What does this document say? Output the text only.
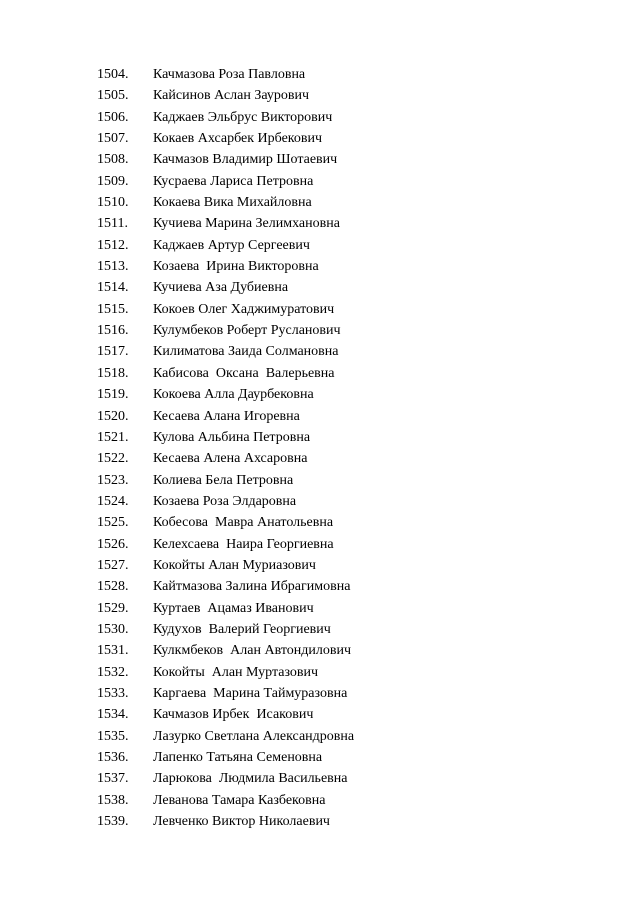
1504.	Качмазова Роза Павловна
1505.	Кайсинов Аслан Заурович
1506.	Каджаев Эльбрус Викторович
1507.	Кокаев Ахсарбек Ирбекович
1508.	Качмазов Владимир Шотаевич
1509.	Кусраева Лариса Петровна
1510.	Кокаева Вика Михайловна
1511.	Кучиева Марина Зелимхановна
1512.	Каджаев Артур Сергеевич
1513.	Козаева  Ирина Викторовна
1514.	Кучиева Аза Дубиевна
1515.	Кокоев Олег Хаджимуратович
1516.	Кулумбеков Роберт Русланович
1517.	Килиматова Заида Солмановна
1518.	Кабисова  Оксана  Валерьевна
1519.	Кокоева Алла Даурбековна
1520.	Кесаева Алана Игоревна
1521.	Кулова Альбина Петровна
1522.	Кесаева Алена Ахсаровна
1523.	Колиева Бела Петровна
1524.	Козаева Роза Элдаровна
1525.	Кобесова  Мавра Анатольевна
1526.	Келехсаева  Наира Георгиевна
1527.	Кокойты Алан Муриазович
1528.	Кайтмазова Залина Ибрагимовна
1529.	Куртаев  Ацамаз Иванович
1530.	Кудухов  Валерий Георгиевич
1531.	Кулкмбеков  Алан Автондилович
1532.	Кокойты  Алан Муртазович
1533.	Каргаева  Марина Таймуразовна
1534.	Качмазов Ирбек  Исакович
1535.	Лазурко Светлана Александровна
1536.	Лапенко Татьяна Семеновна
1537.	Ларюкова  Людмила Васильевна
1538.	Леванова Тамара Казбековна
1539.	Левченко Виктор Николаевич
